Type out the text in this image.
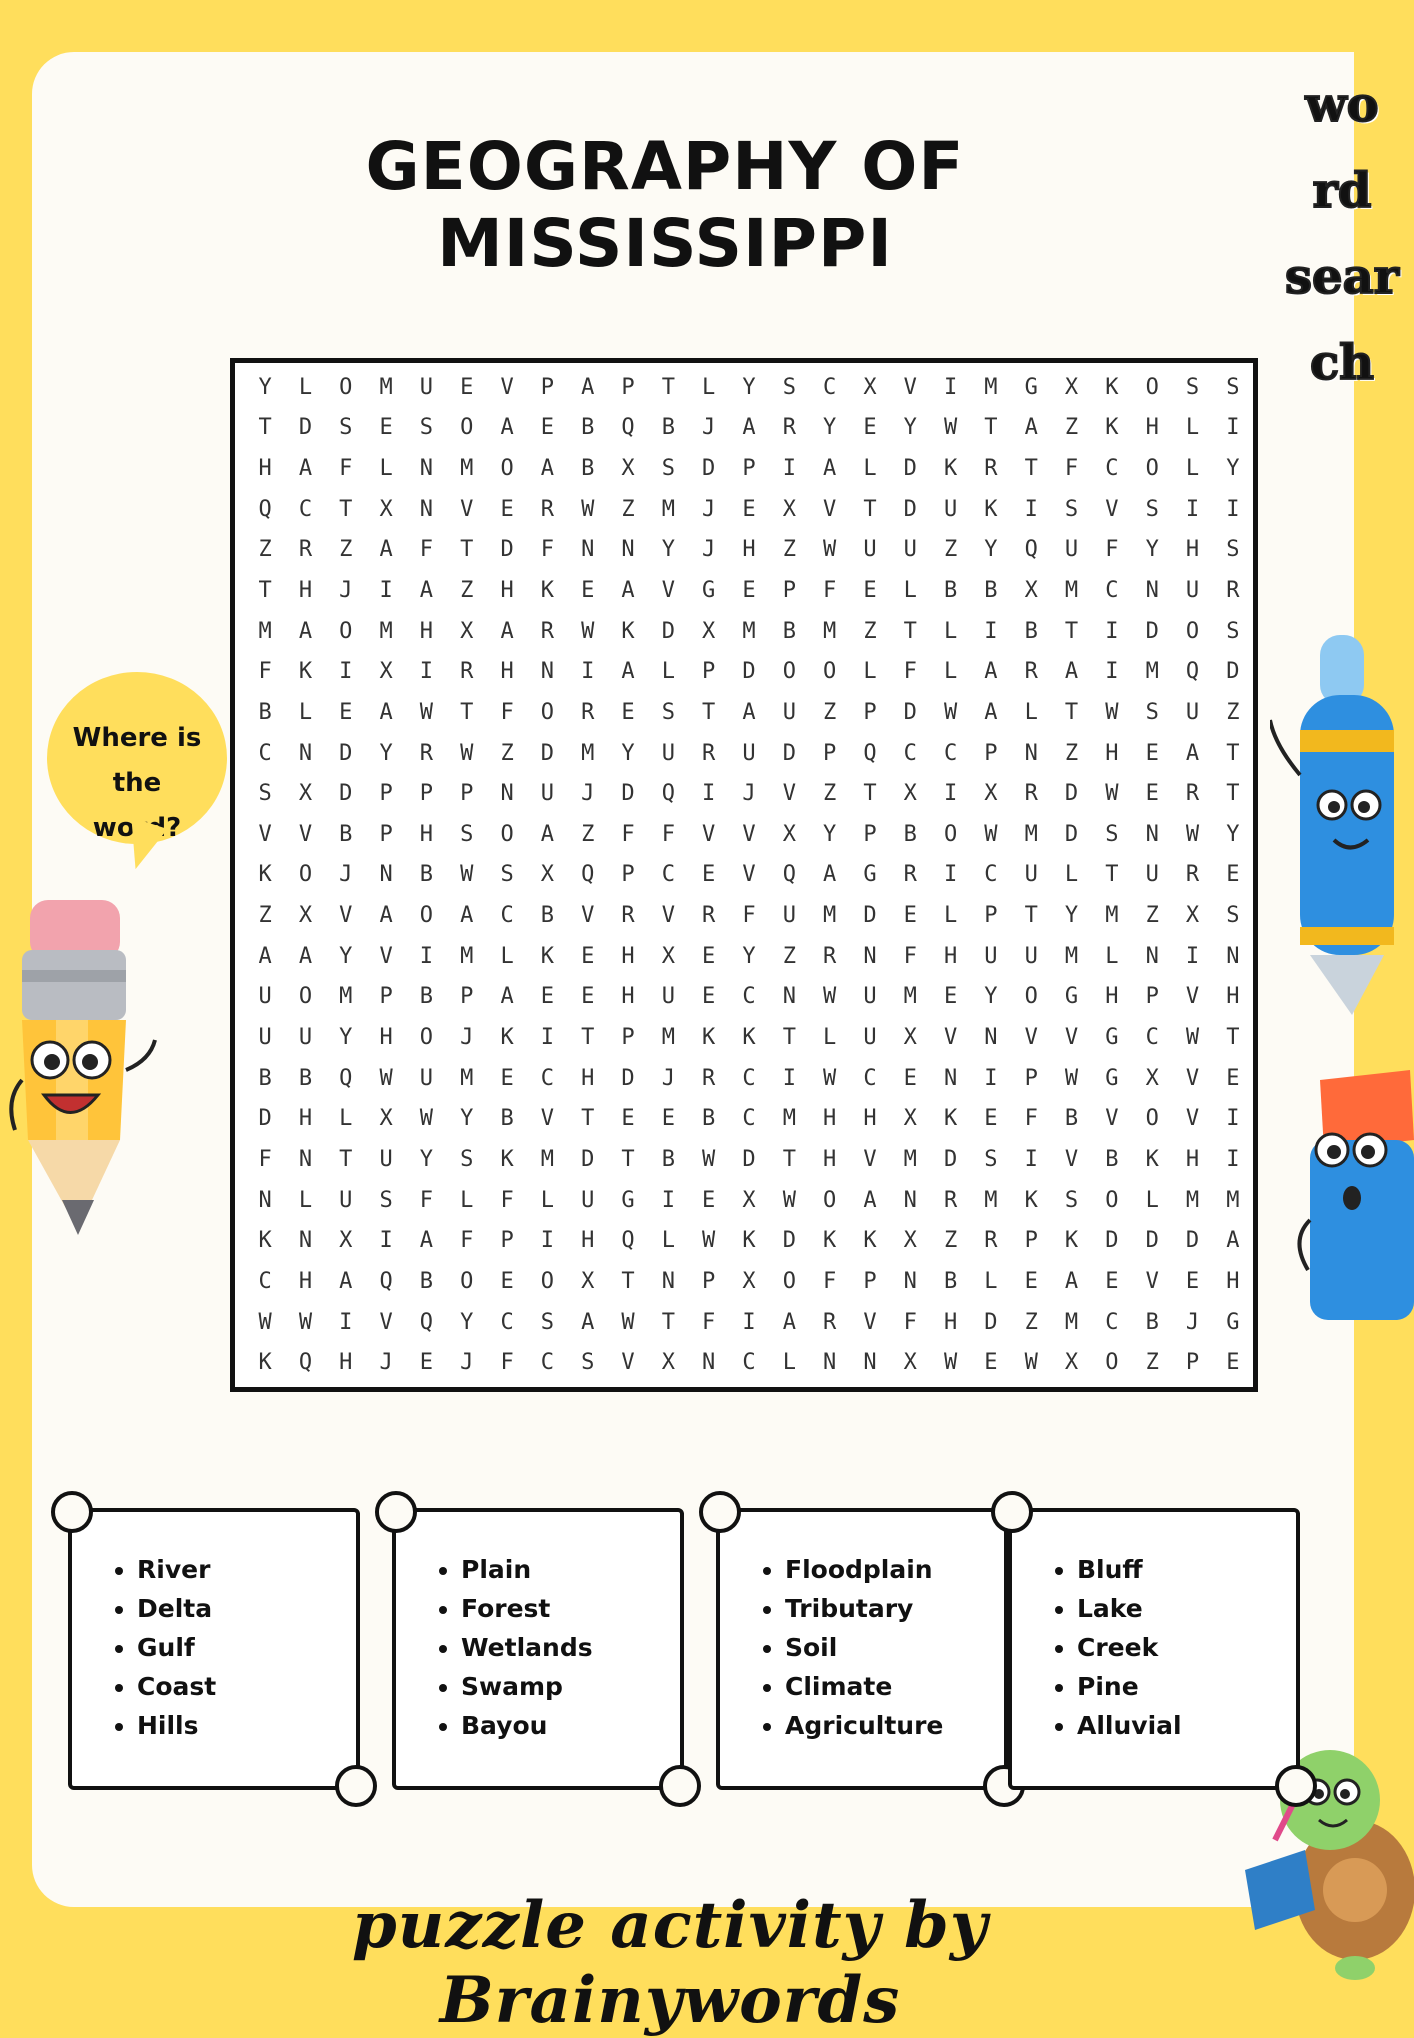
GEOGRAPHY OF MISSISSIPPI
wo
rd
sear
ch
Y	L	O	M	U	E	V	P	A	P	T	L	Y	S	C	X	V	I	M	G	X	K	O	S	S
T	D	S	E	S	O	A	E	B	Q	B	J	A	R	Y	E	Y	W	T	A	Z	K	H	L	I
H	A	F	L	N	M	O	A	B	X	S	D	P	I	A	L	D	K	R	T	F	C	O	L	Y
Q	C	T	X	N	V	E	R	W	Z	M	J	E	X	V	T	D	U	K	I	S	V	S	I	I
Z	R	Z	A	F	T	D	F	N	N	Y	J	H	Z	W	U	U	Z	Y	Q	U	F	Y	H	S
T	H	J	I	A	Z	H	K	E	A	V	G	E	P	F	E	L	B	B	X	M	C	N	U	R
M	A	O	M	H	X	A	R	W	K	D	X	M	B	M	Z	T	L	I	B	T	I	D	O	S
F	K	I	X	I	R	H	N	I	A	L	P	D	O	O	L	F	L	A	R	A	I	M	Q	D
B	L	E	A	W	T	F	O	R	E	S	T	A	U	Z	P	D	W	A	L	T	W	S	U	Z
C	N	D	Y	R	W	Z	D	M	Y	U	R	U	D	P	Q	C	C	P	N	Z	H	E	A	T
S	X	D	P	P	P	N	U	J	D	Q	I	J	V	Z	T	X	I	X	R	D	W	E	R	T
V	V	B	P	H	S	O	A	Z	F	F	V	V	X	Y	P	B	O	W	M	D	S	N	W	Y
K	O	J	N	B	W	S	X	Q	P	C	E	V	Q	A	G	R	I	C	U	L	T	U	R	E
Z	X	V	A	O	A	C	B	V	R	V	R	F	U	M	D	E	L	P	T	Y	M	Z	X	S
A	A	Y	V	I	M	L	K	E	H	X	E	Y	Z	R	N	F	H	U	U	M	L	N	I	N
U	O	M	P	B	P	A	E	E	H	U	E	C	N	W	U	M	E	Y	O	G	H	P	V	H
U	U	Y	H	O	J	K	I	T	P	M	K	K	T	L	U	X	V	N	V	V	G	C	W	T
B	B	Q	W	U	M	E	C	H	D	J	R	C	I	W	C	E	N	I	P	W	G	X	V	E
D	H	L	X	W	Y	B	V	T	E	E	B	C	M	H	H	X	K	E	F	B	V	O	V	I
F	N	T	U	Y	S	K	M	D	T	B	W	D	T	H	V	M	D	S	I	V	B	K	H	I
N	L	U	S	F	L	F	L	U	G	I	E	X	W	O	A	N	R	M	K	S	O	L	M	M
K	N	X	I	A	F	P	I	H	Q	L	W	K	D	K	K	X	Z	R	P	K	D	D	D	A
C	H	A	Q	B	O	E	O	X	T	N	P	X	O	F	P	N	B	L	E	A	E	V	E	H
W	W	I	V	Q	Y	C	S	A	W	T	F	I	A	R	V	F	H	D	Z	M	C	B	J	G
K	Q	H	J	E	J	F	C	S	V	X	N	C	L	N	N	X	W	E	W	X	O	Z	P	E
Where is
the
word?
• River
• Delta
• Gulf
• Coast
• Hills
• Plain
• Forest
• Wetlands
• Swamp
• Bayou
• Floodplain
• Tributary
• Soil
• Climate
• Agriculture
• Bluff
• Lake
• Creek
• Pine
• Alluvial
puzzle activity by Brainywords
